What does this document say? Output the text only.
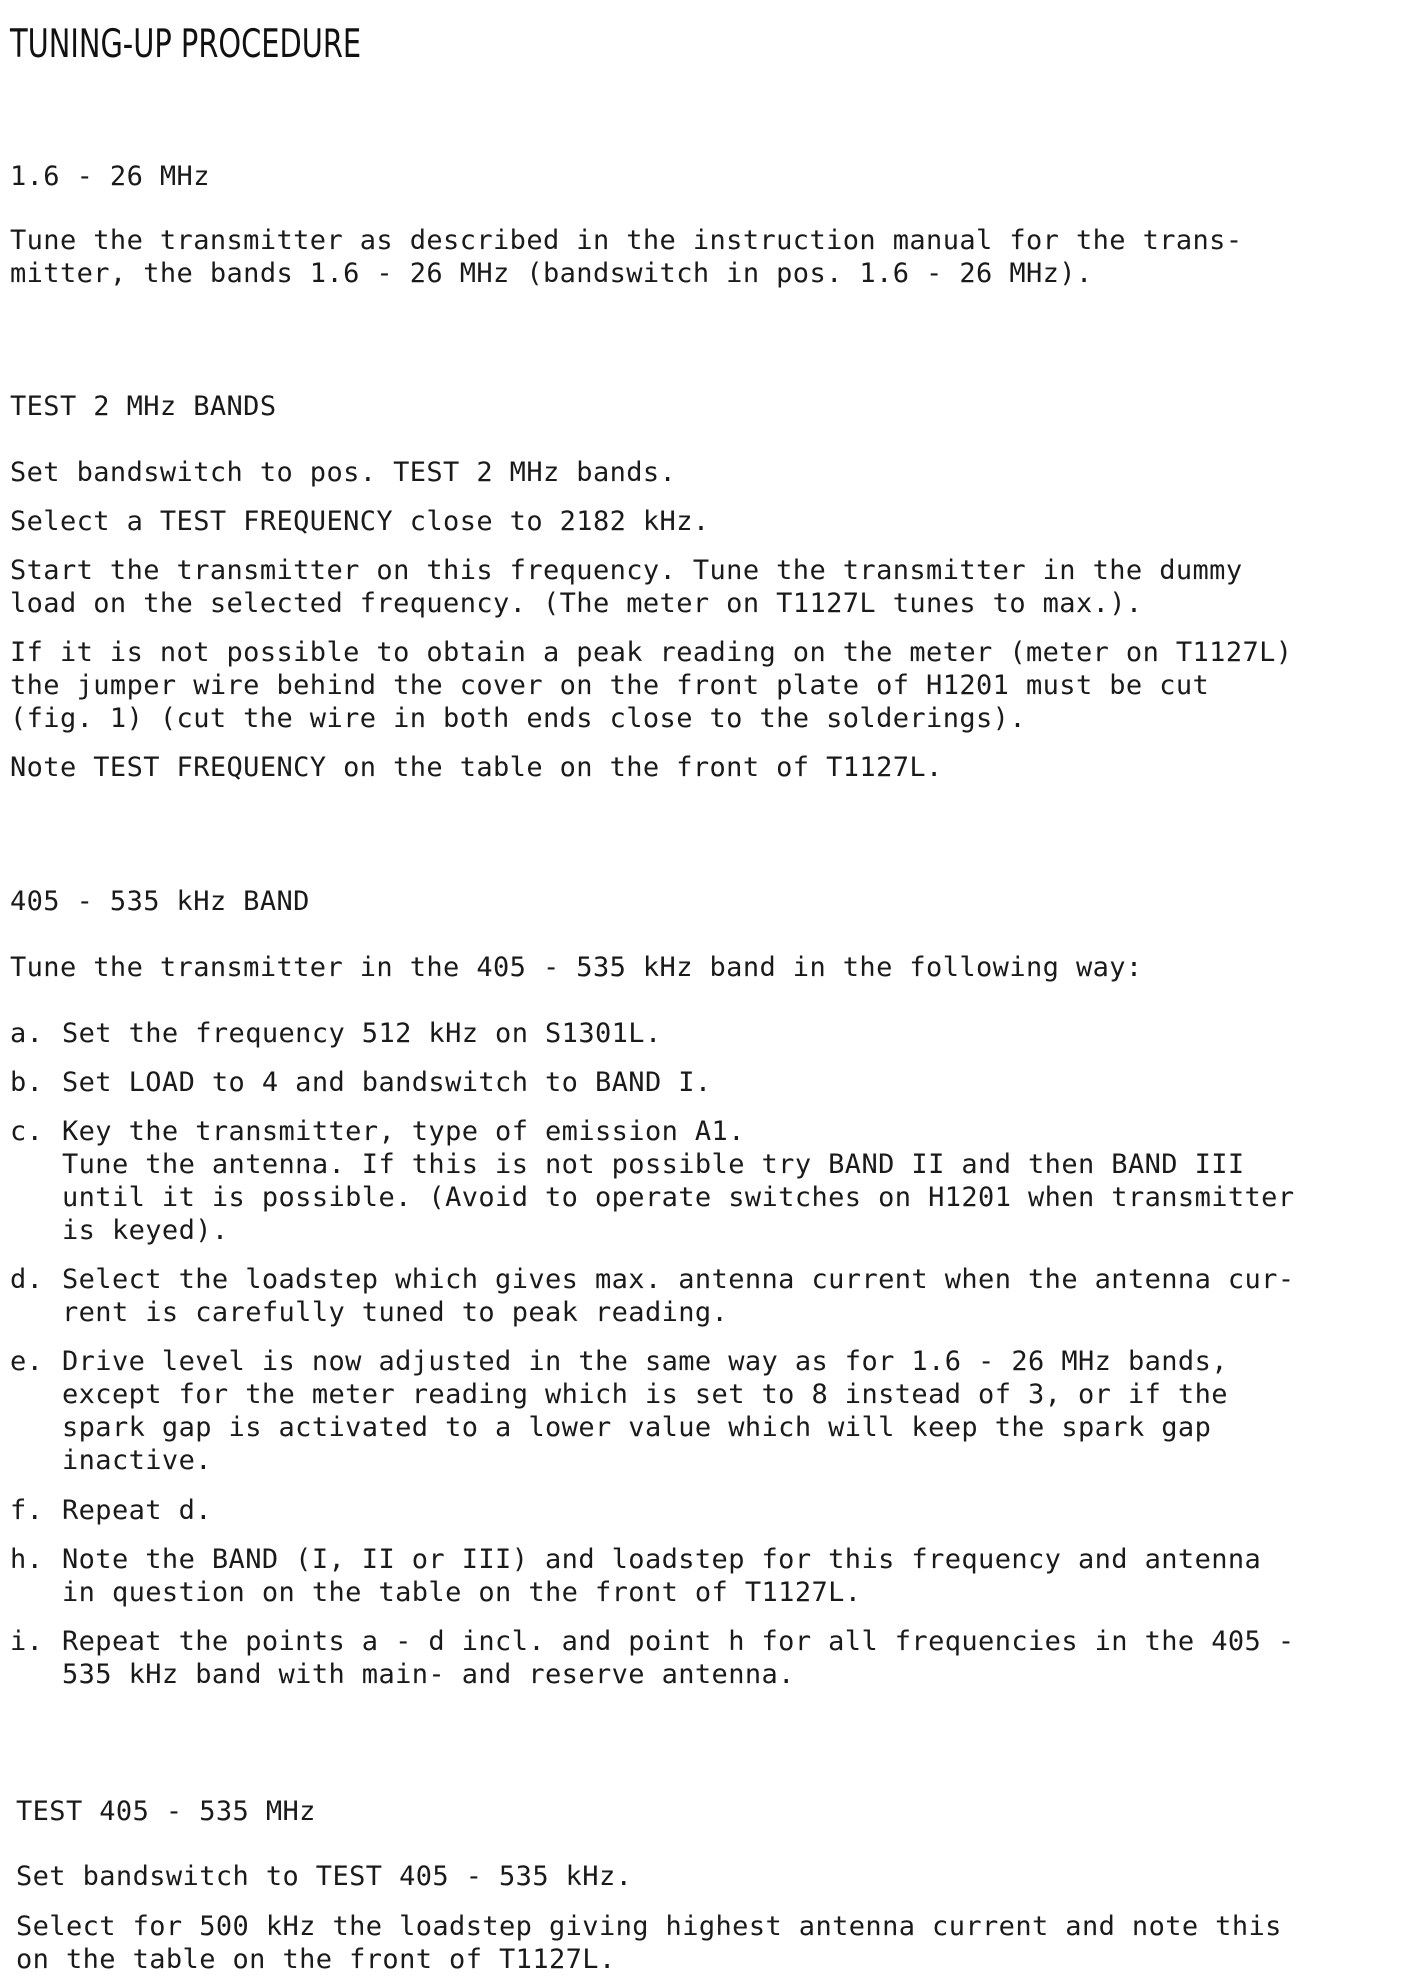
TUNING-UP PROCEDURE
1.6 - 26 MHz
Tune the transmitter as described in the instruction manual for the trans-
mitter, the bands 1.6 - 26 MHz (bandswitch in pos. 1.6 - 26 MHz).
TEST 2 MHz BANDS
Set bandswitch to pos. TEST 2 MHz bands.
Select a TEST FREQUENCY close to 2182 kHz.
Start the transmitter on this frequency. Tune the transmitter in the dummy
load on the selected frequency. (The meter on T1127L tunes to max.).
If it is not possible to obtain a peak reading on the meter (meter on T1127L)
the jumper wire behind the cover on the front plate of H1201 must be cut
(fig. 1) (cut the wire in both ends close to the solderings).
Note TEST FREQUENCY on the table on the front of T1127L.
405 - 535 kHz BAND
Tune the transmitter in the 405 - 535 kHz band in the following way:

a.

Set the frequency 512 kHz on S1301L.

b.

Set LOAD to 4 and bandswitch to BAND I.

c.

Key the transmitter, type of emission A1.
Tune the antenna. If this is not possible try BAND II and then BAND III
until it is possible. (Avoid to operate switches on H1201 when transmitter
is keyed).

d.

Select the loadstep which gives max. antenna current when the antenna cur-
rent is carefully tuned to peak reading.

e.

Drive level is now adjusted in the same way as for 1.6 - 26 MHz bands,
except for the meter reading which is set to 8 instead of 3, or if the
spark gap is activated to a lower value which will keep the spark gap
inactive.

f.

Repeat d.

h.

Note the BAND (I, II or III) and loadstep for this frequency and antenna
in question on the table on the front of T1127L.

i.

Repeat the points a - d incl. and point h for all frequencies in the 405 -
535 kHz band with main- and reserve antenna.

TEST 405 - 535 MHz
Set bandswitch to TEST 405 - 535 kHz.
Select for 500 kHz the loadstep giving highest antenna current and note this
on the table on the front of T1127L.
